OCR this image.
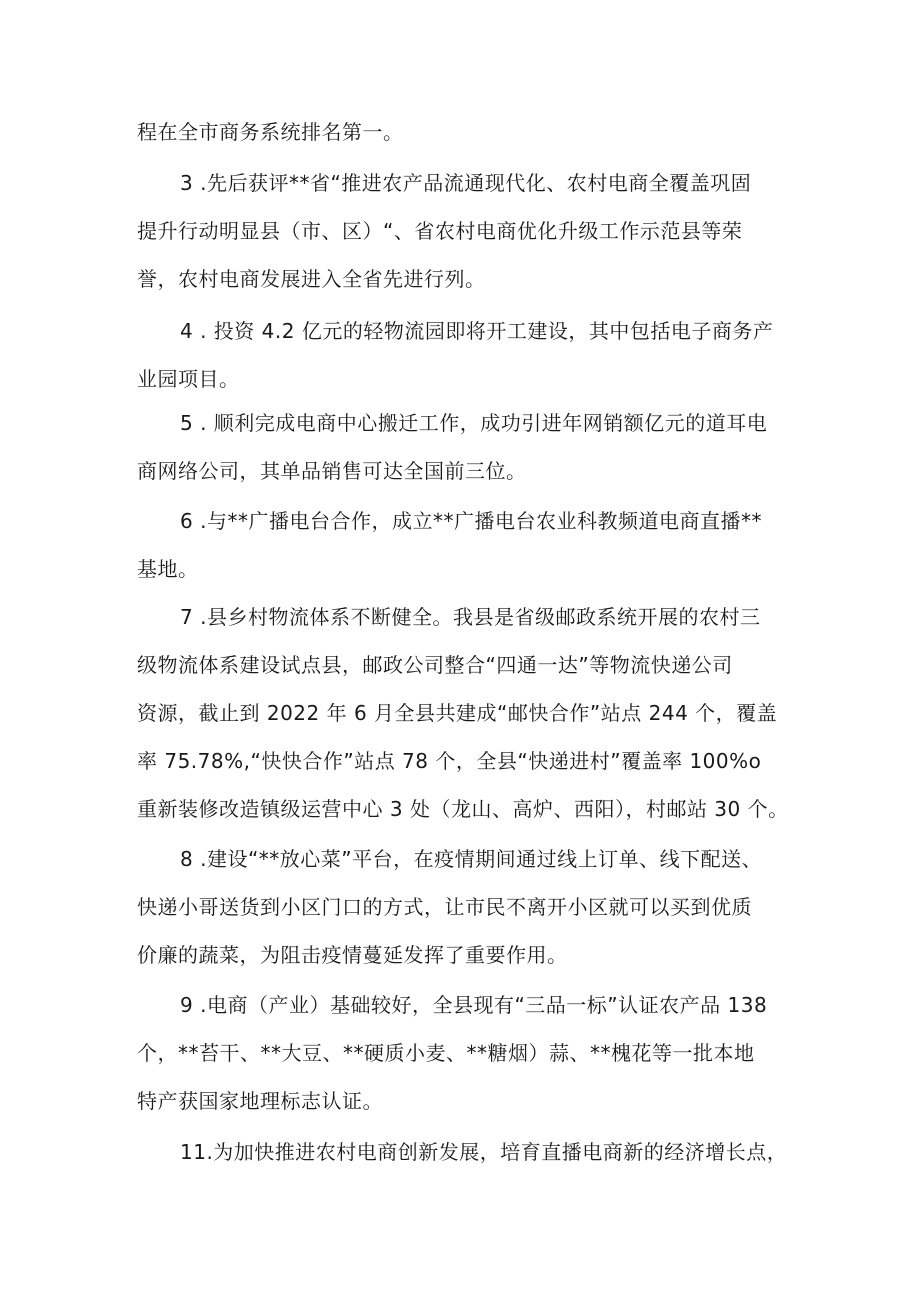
程在全市商务系统排名第一。
3 .先后获评**省“推进农产品流通现代化、农村电商全覆盖巩固
提升行动明显县（市、区）“、省农村电商优化升级工作示范县等荣
誉，农村电商发展进入全省先进行列。
4 . 投资 4.2 亿元的轻物流园即将开工建设，其中包括电子商务产
业园项目。
5 . 顺利完成电商中心搬迁工作，成功引进年网销额亿元的道耳电
商网络公司，其单品销售可达全国前三位。
6 .与**广播电台合作，成立**广播电台农业科教频道电商直播**
基地。
7 .县乡村物流体系不断健全。我县是省级邮政系统开展的农村三
级物流体系建设试点县，邮政公司整合“四通一达”等物流快递公司
资源，截止到 2022 年 6 月全县共建成“邮快合作”站点 244 个，覆盖
率 75.78%,“快快合作”站点 78 个，全县“快递进村”覆盖率 100%o
重新装修改造镇级运营中心 3 处（龙山、高炉、西阳），村邮站 30 个。
8 .建设“**放心菜”平台，在疫情期间通过线上订单、线下配送、
快递小哥送货到小区门口的方式，让市民不离开小区就可以买到优质
价廉的蔬菜，为阻击疫情蔓延发挥了重要作用。
9 .电商（产业）基础较好，全县现有“三品一标”认证农产品 138
个，**苔干、**大豆、**硬质小麦、**糖烟）蒜、**槐花等一批本地
特产获国家地理标志认证。
11.为加快推进农村电商创新发展，培育直播电商新的经济增长点，
